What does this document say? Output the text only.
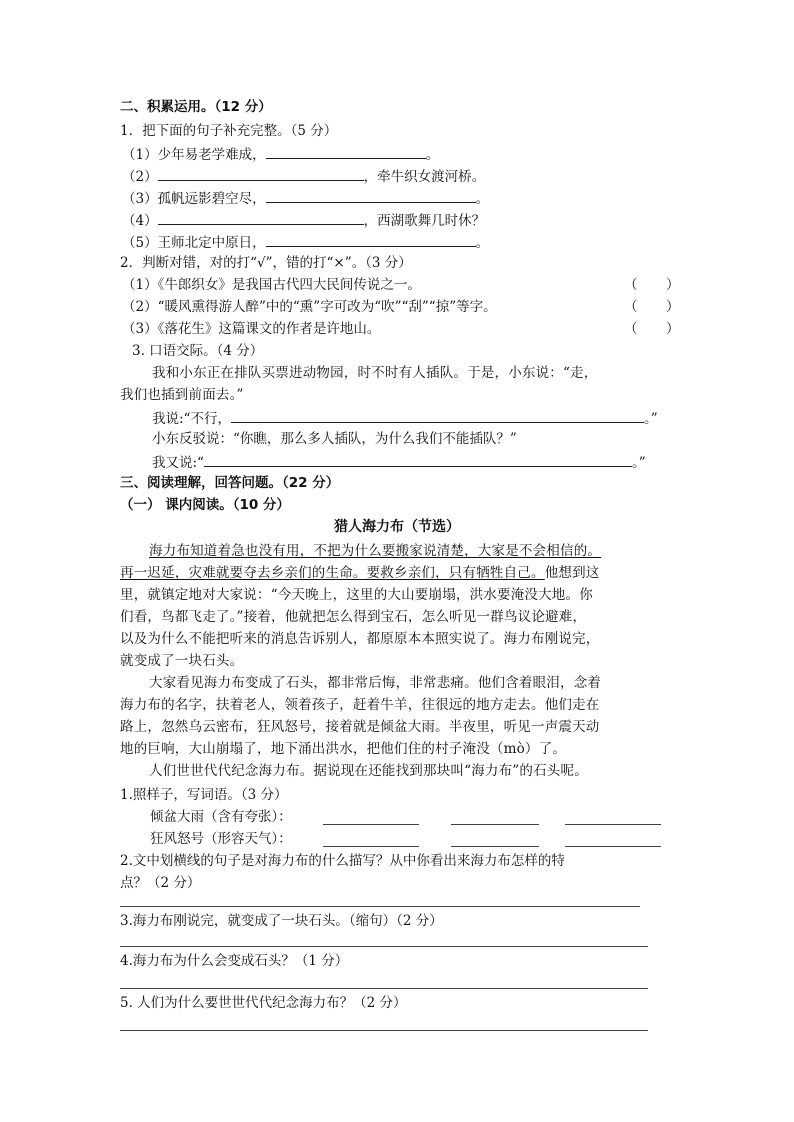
二、积累运用。（12 分）
1．把下面的句子补充完整。（5 分）
（1）少年易老学难成，	。
（2）	，牵牛织女渡河桥。
（3）孤帆远影碧空尽，	。
（4）	，西湖歌舞几时休？
（5）王师北定中原日，	。
2．判断对错，对的打“√”，错的打“×”。（3 分）
（1）《牛郎织女》是我国古代四大民间传说之一。	（ ）
（2）“暖风熏得游人醉”中的“熏”字可改为“吹”“刮”“掠”等字。	（ ）
（3）《落花生》这篇课文的作者是许地山。	（ ）
3. 口语交际。（4 分）
我和小东正在排队买票进动物园，时不时有人插队。于是，小东说：“走，
我们也插到前面去。”
我说:“不行，	。”
小东反驳说：“你瞧，那么多人插队，为什么我们不能插队？”
我又说:“	。”
三、阅读理解，回答问题。（22 分）
（一） 课内阅读。（10 分）
猎人海力布（节选）
海力布知道着急也没有用，不把为什么要搬家说清楚，大家是不会相信的。
再一迟延，灾难就要夺去乡亲们的生命。要救乡亲们，只有牺牲自己。他想到这
里，就镇定地对大家说：“今天晚上，这里的大山要崩塌，洪水要淹没大地。你
们看，鸟都飞走了。”接着，他就把怎么得到宝石，怎么听见一群鸟议论避难，
以及为什么不能把听来的消息告诉别人，都原原本本照实说了。海力布刚说完，
就变成了一块石头。
大家看见海力布变成了石头，都非常后悔，非常悲痛。他们含着眼泪，念着
海力布的名字，扶着老人，领着孩子，赶着牛羊，往很远的地方走去。他们走在
路上，忽然乌云密布，狂风怒号，接着就是倾盆大雨。半夜里，听见一声震天动
地的巨响，大山崩塌了，地下涌出洪水，把他们住的村子淹没（mò）了。
人们世世代代纪念海力布。据说现在还能找到那块叫“海力布”的石头呢。
1.照样子，写词语。（3 分）
倾盆大雨（含有夸张）：
狂风怒号（形容天气）：
2.文中划横线的句子是对海力布的什么描写？从中你看出来海力布怎样的特
点？（2 分）
3.海力布刚说完，就变成了一块石头。（缩句）（2 分）
4.海力布为什么会变成石头？（1 分）
5. 人们为什么要世世代代纪念海力布？（2 分）
